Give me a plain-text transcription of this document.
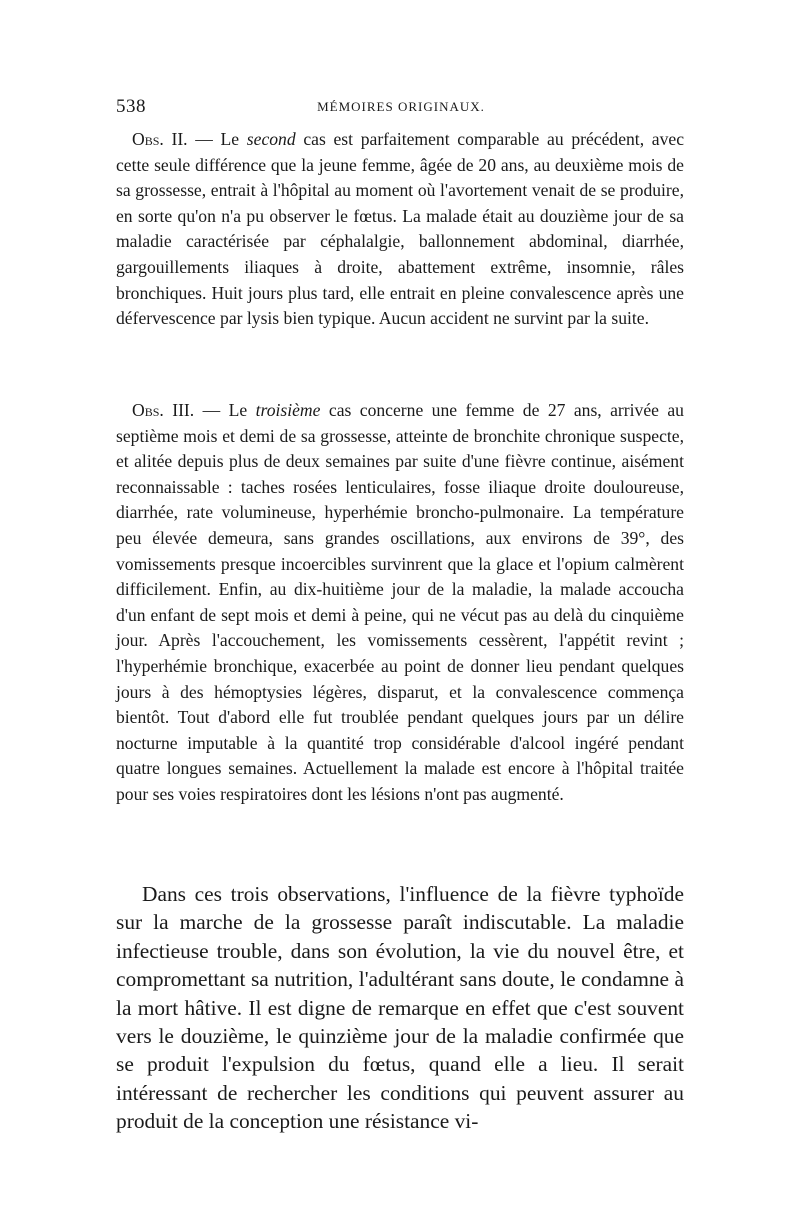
538	MÉMOIRES ORIGINAUX.

Obs. II. — Le second cas est parfaitement comparable au précédent, avec cette seule différence que la jeune femme, âgée de 20 ans, au deuxième mois de sa grossesse, entrait à l'hôpital au moment où l'avortement venait de se produire, en sorte qu'on n'a pu observer le fœtus. La malade était au douzième jour de sa maladie caractérisée par céphalalgie, ballonnement abdominal, diarrhée, gargouillements iliaques à droite, abattement extrême, insomnie, râles bronchiques. Huit jours plus tard, elle entrait en pleine convalescence après une défervescence par lysis bien typique. Aucun accident ne survint par la suite.

Obs. III. — Le troisième cas concerne une femme de 27 ans, arrivée au septième mois et demi de sa grossesse, atteinte de bronchite chronique suspecte, et alitée depuis plus de deux semaines par suite d'une fièvre continue, aisément reconnaissable : taches rosées lenticulaires, fosse iliaque droite douloureuse, diarrhée, rate volumineuse, hyperhémie broncho-pulmonaire. La température peu élevée demeura, sans grandes oscillations, aux environs de 39°, des vomissements presque incoercibles survinrent que la glace et l'opium calmèrent difficilement. Enfin, au dix-huitième jour de la maladie, la malade accoucha d'un enfant de sept mois et demi à peine, qui ne vécut pas au delà du cinquième jour. Après l'accouchement, les vomissements cessèrent, l'appétit revint ; l'hyperhémie bronchique, exacerbée au point de donner lieu pendant quelques jours à des hémoptysies légères, disparut, et la convalescence commença bientôt. Tout d'abord elle fut troublée pendant quelques jours par un délire nocturne imputable à la quantité trop considérable d'alcool ingéré pendant quatre longues semaines. Actuellement la malade est encore à l'hôpital traitée pour ses voies respiratoires dont les lésions n'ont pas augmenté.

Dans ces trois observations, l'influence de la fièvre typhoïde sur la marche de la grossesse paraît indiscutable. La maladie infectieuse trouble, dans son évolution, la vie du nouvel être, et compromettant sa nutrition, l'adultérant sans doute, le condamne à la mort hâtive. Il est digne de remarque en effet que c'est souvent vers le douzième, le quinzième jour de la maladie confirmée que se produit l'expulsion du fœtus, quand elle a lieu. Il serait intéressant de rechercher les conditions qui peuvent assurer au produit de la conception une résistance vi-
